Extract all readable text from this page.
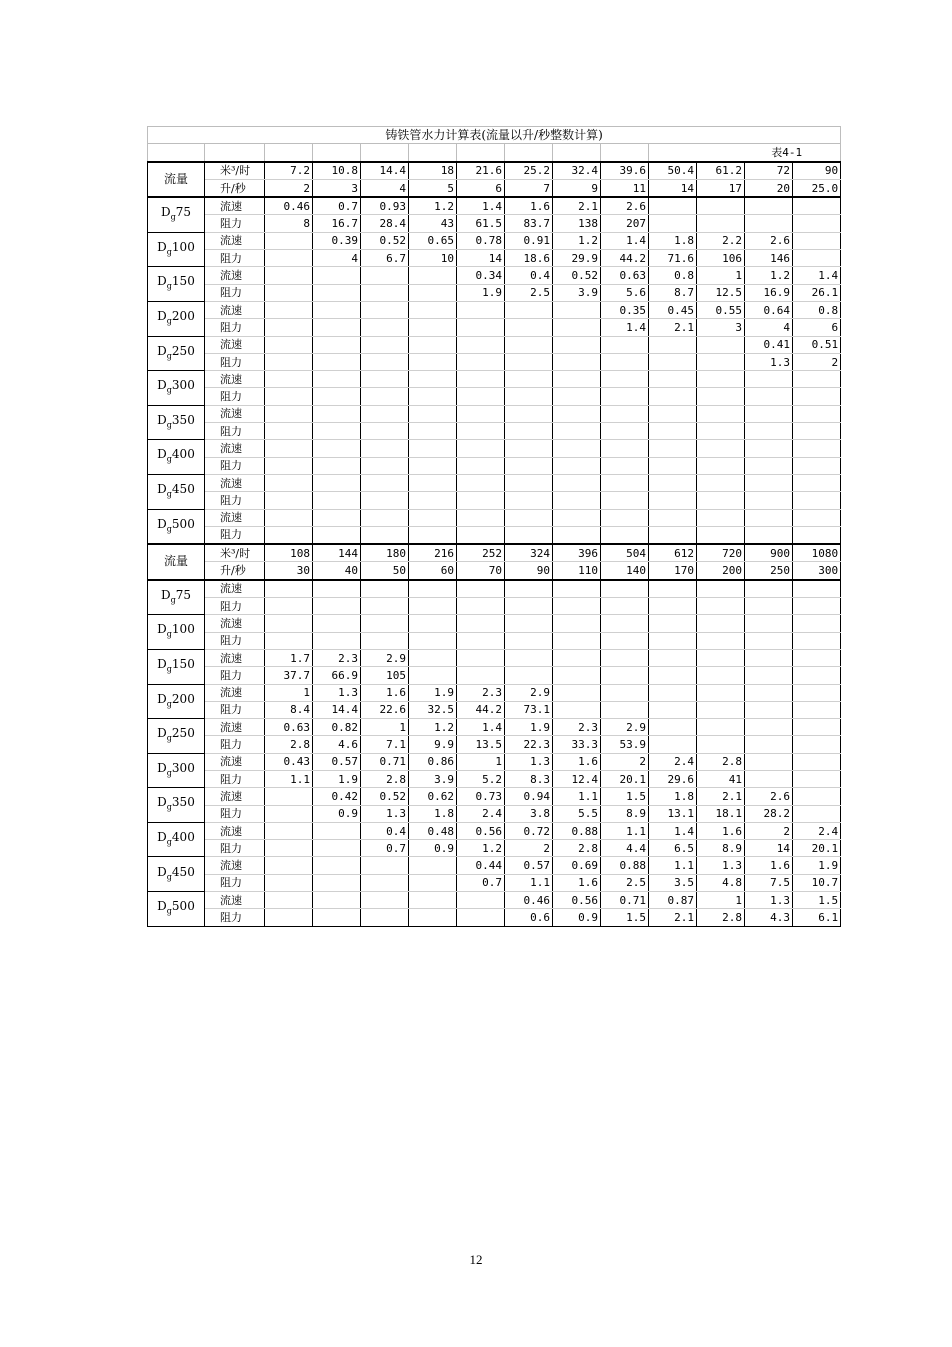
铸铁管水力计算表(流量以升/秒整数计算)													
										表4-1			
流量	米³/时	7.2	10.8	14.4	18	21.6	25.2	32.4	39.6	50.4	61.2	72	90
	升/秒	2	3	4	5	6	7	9	11	14	17	20	25.0
$D_g75$	流速	0.46	0.7	0.93	1.2	1.4	1.6	2.1	2.6				
	阻力	8	16.7	28.4	43	61.5	83.7	138	207				
$D_g100$	流速		0.39	0.52	0.65	0.78	0.91	1.2	1.4	1.8	2.2	2.6	
	阻力		4	6.7	10	14	18.6	29.9	44.2	71.6	106	146	
$D_g150$	流速					0.34	0.4	0.52	0.63	0.8	1	1.2	1.4
	阻力					1.9	2.5	3.9	5.6	8.7	12.5	16.9	26.1
$D_g200$	流速								0.35	0.45	0.55	0.64	0.8
	阻力								1.4	2.1	3	4	6
$D_g250$	流速											0.41	0.51
	阻力											1.3	2
$D_g300$	流速												
	阻力												
$D_g350$	流速												
	阻力												
$D_g400$	流速												
	阻力												
$D_g450$	流速												
	阻力												
$D_g500$	流速												
	阻力												
流量	米³/时	108	144	180	216	252	324	396	504	612	720	900	1080
	升/秒	30	40	50	60	70	90	110	140	170	200	250	300
$D_g75$	流速												
	阻力												
$D_g100$	流速												
	阻力												
$D_g150$	流速	1.7	2.3	2.9									
	阻力	37.7	66.9	105									
$D_g200$	流速	1	1.3	1.6	1.9	2.3	2.9						
	阻力	8.4	14.4	22.6	32.5	44.2	73.1						
$D_g250$	流速	0.63	0.82	1	1.2	1.4	1.9	2.3	2.9				
	阻力	2.8	4.6	7.1	9.9	13.5	22.3	33.3	53.9				
$D_g300$	流速	0.43	0.57	0.71	0.86	1	1.3	1.6	2	2.4	2.8		
	阻力	1.1	1.9	2.8	3.9	5.2	8.3	12.4	20.1	29.6	41		
$D_g350$	流速		0.42	0.52	0.62	0.73	0.94	1.1	1.5	1.8	2.1	2.6	
	阻力		0.9	1.3	1.8	2.4	3.8	5.5	8.9	13.1	18.1	28.2	
$D_g400$	流速			0.4	0.48	0.56	0.72	0.88	1.1	1.4	1.6	2	2.4
	阻力			0.7	0.9	1.2	2	2.8	4.4	6.5	8.9	14	20.1
$D_g450$	流速					0.44	0.57	0.69	0.88	1.1	1.3	1.6	1.9
	阻力					0.7	1.1	1.6	2.5	3.5	4.8	7.5	10.7
$D_g500$	流速						0.46	0.56	0.71	0.87	1	1.3	1.5
	阻力						0.6	0.9	1.5	2.1	2.8	4.3	6.1
12
